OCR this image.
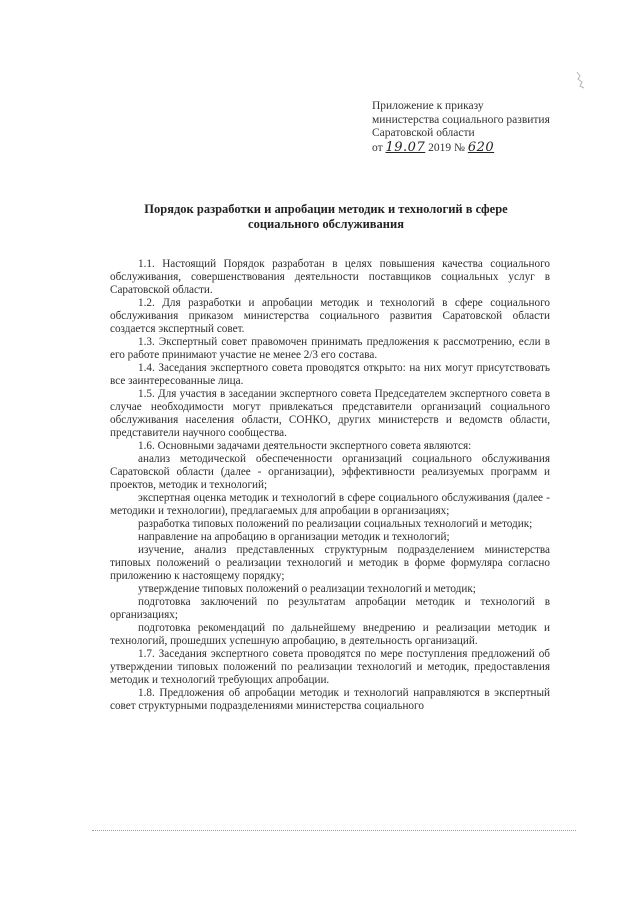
Приложение к приказу
министерства социального развития
Саратовской области
от 19.07 2019 № 620
Порядок разработки и апробации методик и технологий в сфере
социального обслуживания

1.1. Настоящий Порядок разработан в целях повышения качества социального обслуживания, совершенствования деятельности поставщиков социальных услуг в Саратовской области.

1.2. Для разработки и апробации методик и технологий в сфере социального обслуживания приказом министерства социального развития Саратовской области создается экспертный совет.

1.3. Экспертный совет правомочен принимать предложения к рассмотрению, если в его работе принимают участие не менее 2/3 его состава.

1.4. Заседания экспертного совета проводятся открыто: на них могут присутствовать все заинтересованные лица.

1.5. Для участия в заседании экспертного совета Председателем экспертного совета в случае необходимости могут привлекаться представители организаций социального обслуживания населения области, СОНКО, других министерств и ведомств области, представители научного сообщества.

1.6. Основными задачами деятельности экспертного совета являются:

анализ методической обеспеченности организаций социального обслуживания Саратовской области (далее - организации), эффективности реализуемых программ и проектов, методик и технологий;

экспертная оценка методик и технологий в сфере социального обслуживания (далее - методики и технологии), предлагаемых для апробации в организациях;

разработка типовых положений по реализации социальных технологий и методик;

направление на апробацию в организации методик и технологий;

изучение, анализ представленных структурным подразделением министерства типовых положений о реализации технологий и методик в форме формуляра согласно приложению к настоящему порядку;

утверждение типовых положений о реализации технологий и методик;

подготовка заключений по результатам апробации методик и технологий в организациях;

подготовка рекомендаций по дальнейшему внедрению и реализации методик и технологий, прошедших успешную апробацию, в деятельность организаций.

1.7. Заседания экспертного совета проводятся по мере поступления предложений об утверждении типовых положений по реализации технологий и методик, предоставления методик и технологий требующих апробации.

1.8. Предложения об апробации методик и технологий направляются в экспертный совет структурными подразделениями министерства социального
